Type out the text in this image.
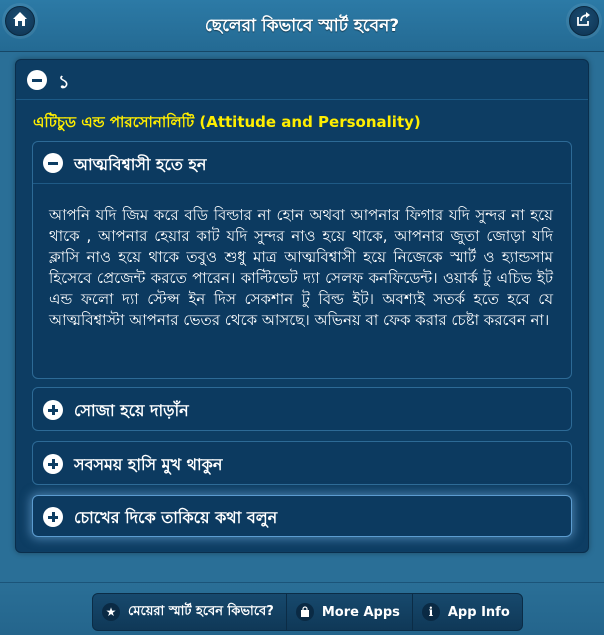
ছেলেরা কিভাবে স্মার্ট হবেন?
১
এটিচুড এন্ড পারসোনালিটি (Attitude and Personality)
আত্মবিশ্বাসী হতে হন
আপনি যদি জিম করে বডি বিল্ডার না হোন অথবা আপনার ফিগার যদি সুন্দর না হয়ে থাকে , আপনার হেয়ার কাট যদি সুন্দর নাও হয়ে থাকে, আপনার জুতা জোড়া যদি ক্লাসি নাও হয়ে থাকে তবুও শুধু মাত্র আত্মবিশ্বাসী হয়ে নিজেকে স্মার্ট ও হ্যান্ডসাম হিসেবে প্রেজেন্ট করতে পারেন। কাল্টিভেট দ্যা সেলফ কনফিডেন্ট। ওয়ার্ক টু এচিভ ইট এন্ড ফলো দ্যা স্টেপ্স ইন দিস সেকশান টু বিল্ড ইট। অবশ্যই সতর্ক হতে হবে যে আত্মবিশ্বাস্টা আপনার ভেতর থেকে আসছে। অভিনয় বা ফেক করার চেষ্টা করবেন না।
সোজা হয়ে দাড়াঁন
সবসময় হাসি মুখ থাকুন
চোখের দিকে তাকিয়ে কথা বলুন
★ মেয়েরা স্মার্ট হবেন কিভাবে?	More Apps	i	App Info
